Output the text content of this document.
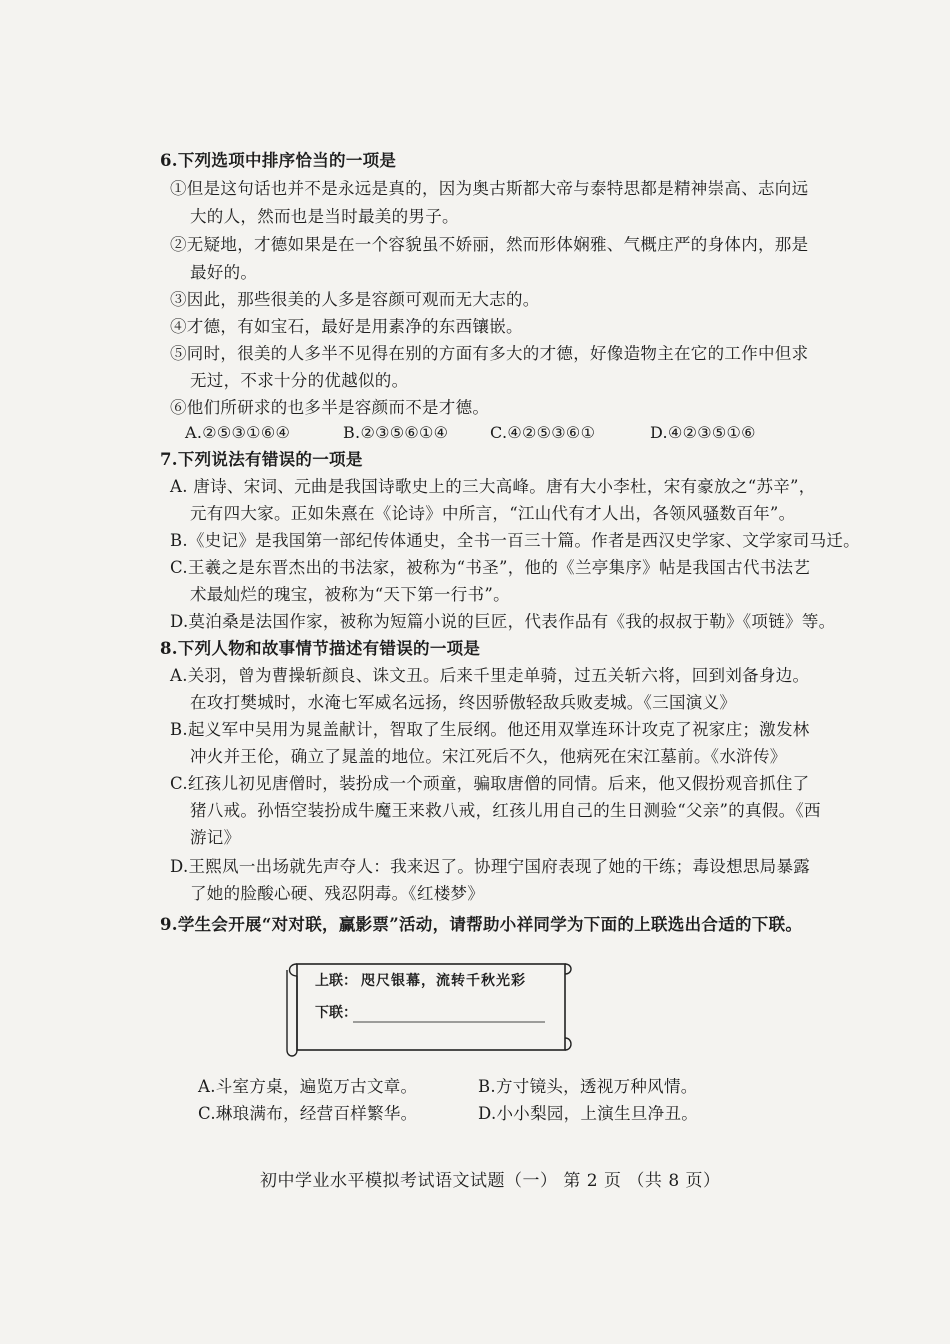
6.下列选项中排序恰当的一项是
①但是这句话也并不是永远是真的，因为奥古斯都大帝与泰特思都是精神崇高、志向远
大的人，然而也是当时最美的男子。
②无疑地，才德如果是在一个容貌虽不娇丽，然而形体娴雅、气概庄严的身体内，那是
最好的。
③因此，那些很美的人多是容颜可观而无大志的。
④才德，有如宝石，最好是用素净的东西镶嵌。
⑤同时，很美的人多半不见得在别的方面有多大的才德，好像造物主在它的工作中但求
无过，不求十分的优越似的。
⑥他们所研求的也多半是容颜而不是才德。
A.②⑤③①⑥④	B.②③⑤⑥①④	C.④②⑤③⑥①	D.④②③⑤①⑥
7.下列说法有错误的一项是
A. 唐诗、宋词、元曲是我国诗歌史上的三大高峰。唐有大小李杜，宋有豪放之“苏辛”，
元有四大家。正如朱熹在《论诗》中所言，“江山代有才人出，各领风骚数百年”。
B.《史记》是我国第一部纪传体通史，全书一百三十篇。作者是西汉史学家、文学家司马迁。
C.王羲之是东晋杰出的书法家，被称为“书圣”，他的《兰亭集序》帖是我国古代书法艺
术最灿烂的瑰宝，被称为“天下第一行书”。
D.莫泊桑是法国作家，被称为短篇小说的巨匠，代表作品有《我的叔叔于勒》《项链》等。
8.下列人物和故事情节描述有错误的一项是
A.关羽，曾为曹操斩颜良、诛文丑。后来千里走单骑，过五关斩六将，回到刘备身边。
在攻打樊城时，水淹七军威名远扬，终因骄傲轻敌兵败麦城。《三国演义》
B.起义军中吴用为晁盖献计，智取了生辰纲。他还用双掌连环计攻克了祝家庄；激发林
冲火并王伦，确立了晁盖的地位。宋江死后不久，他病死在宋江墓前。《水浒传》
C.红孩儿初见唐僧时，装扮成一个顽童，骗取唐僧的同情。后来，他又假扮观音抓住了
猪八戒。孙悟空装扮成牛魔王来救八戒，红孩儿用自己的生日测验“父亲”的真假。《西
游记》
D.王熙凤一出场就先声夺人：我来迟了。协理宁国府表现了她的干练；毒设想思局暴露
了她的脸酸心硬、残忍阴毒。《红楼梦》
9.学生会开展“对对联，赢影票”活动，请帮助小祥同学为下面的上联选出合适的下联。
上联： 咫尺银幕，流转千秋光彩
下联：
A.斗室方桌，遍览万古文章。	B.方寸镜头，透视万种风情。
C.琳琅满布，经营百样繁华。	D.小小梨园，上演生旦净丑。
初中学业水平模拟考试语文试题（一） 第 2 页 （共 8 页）
